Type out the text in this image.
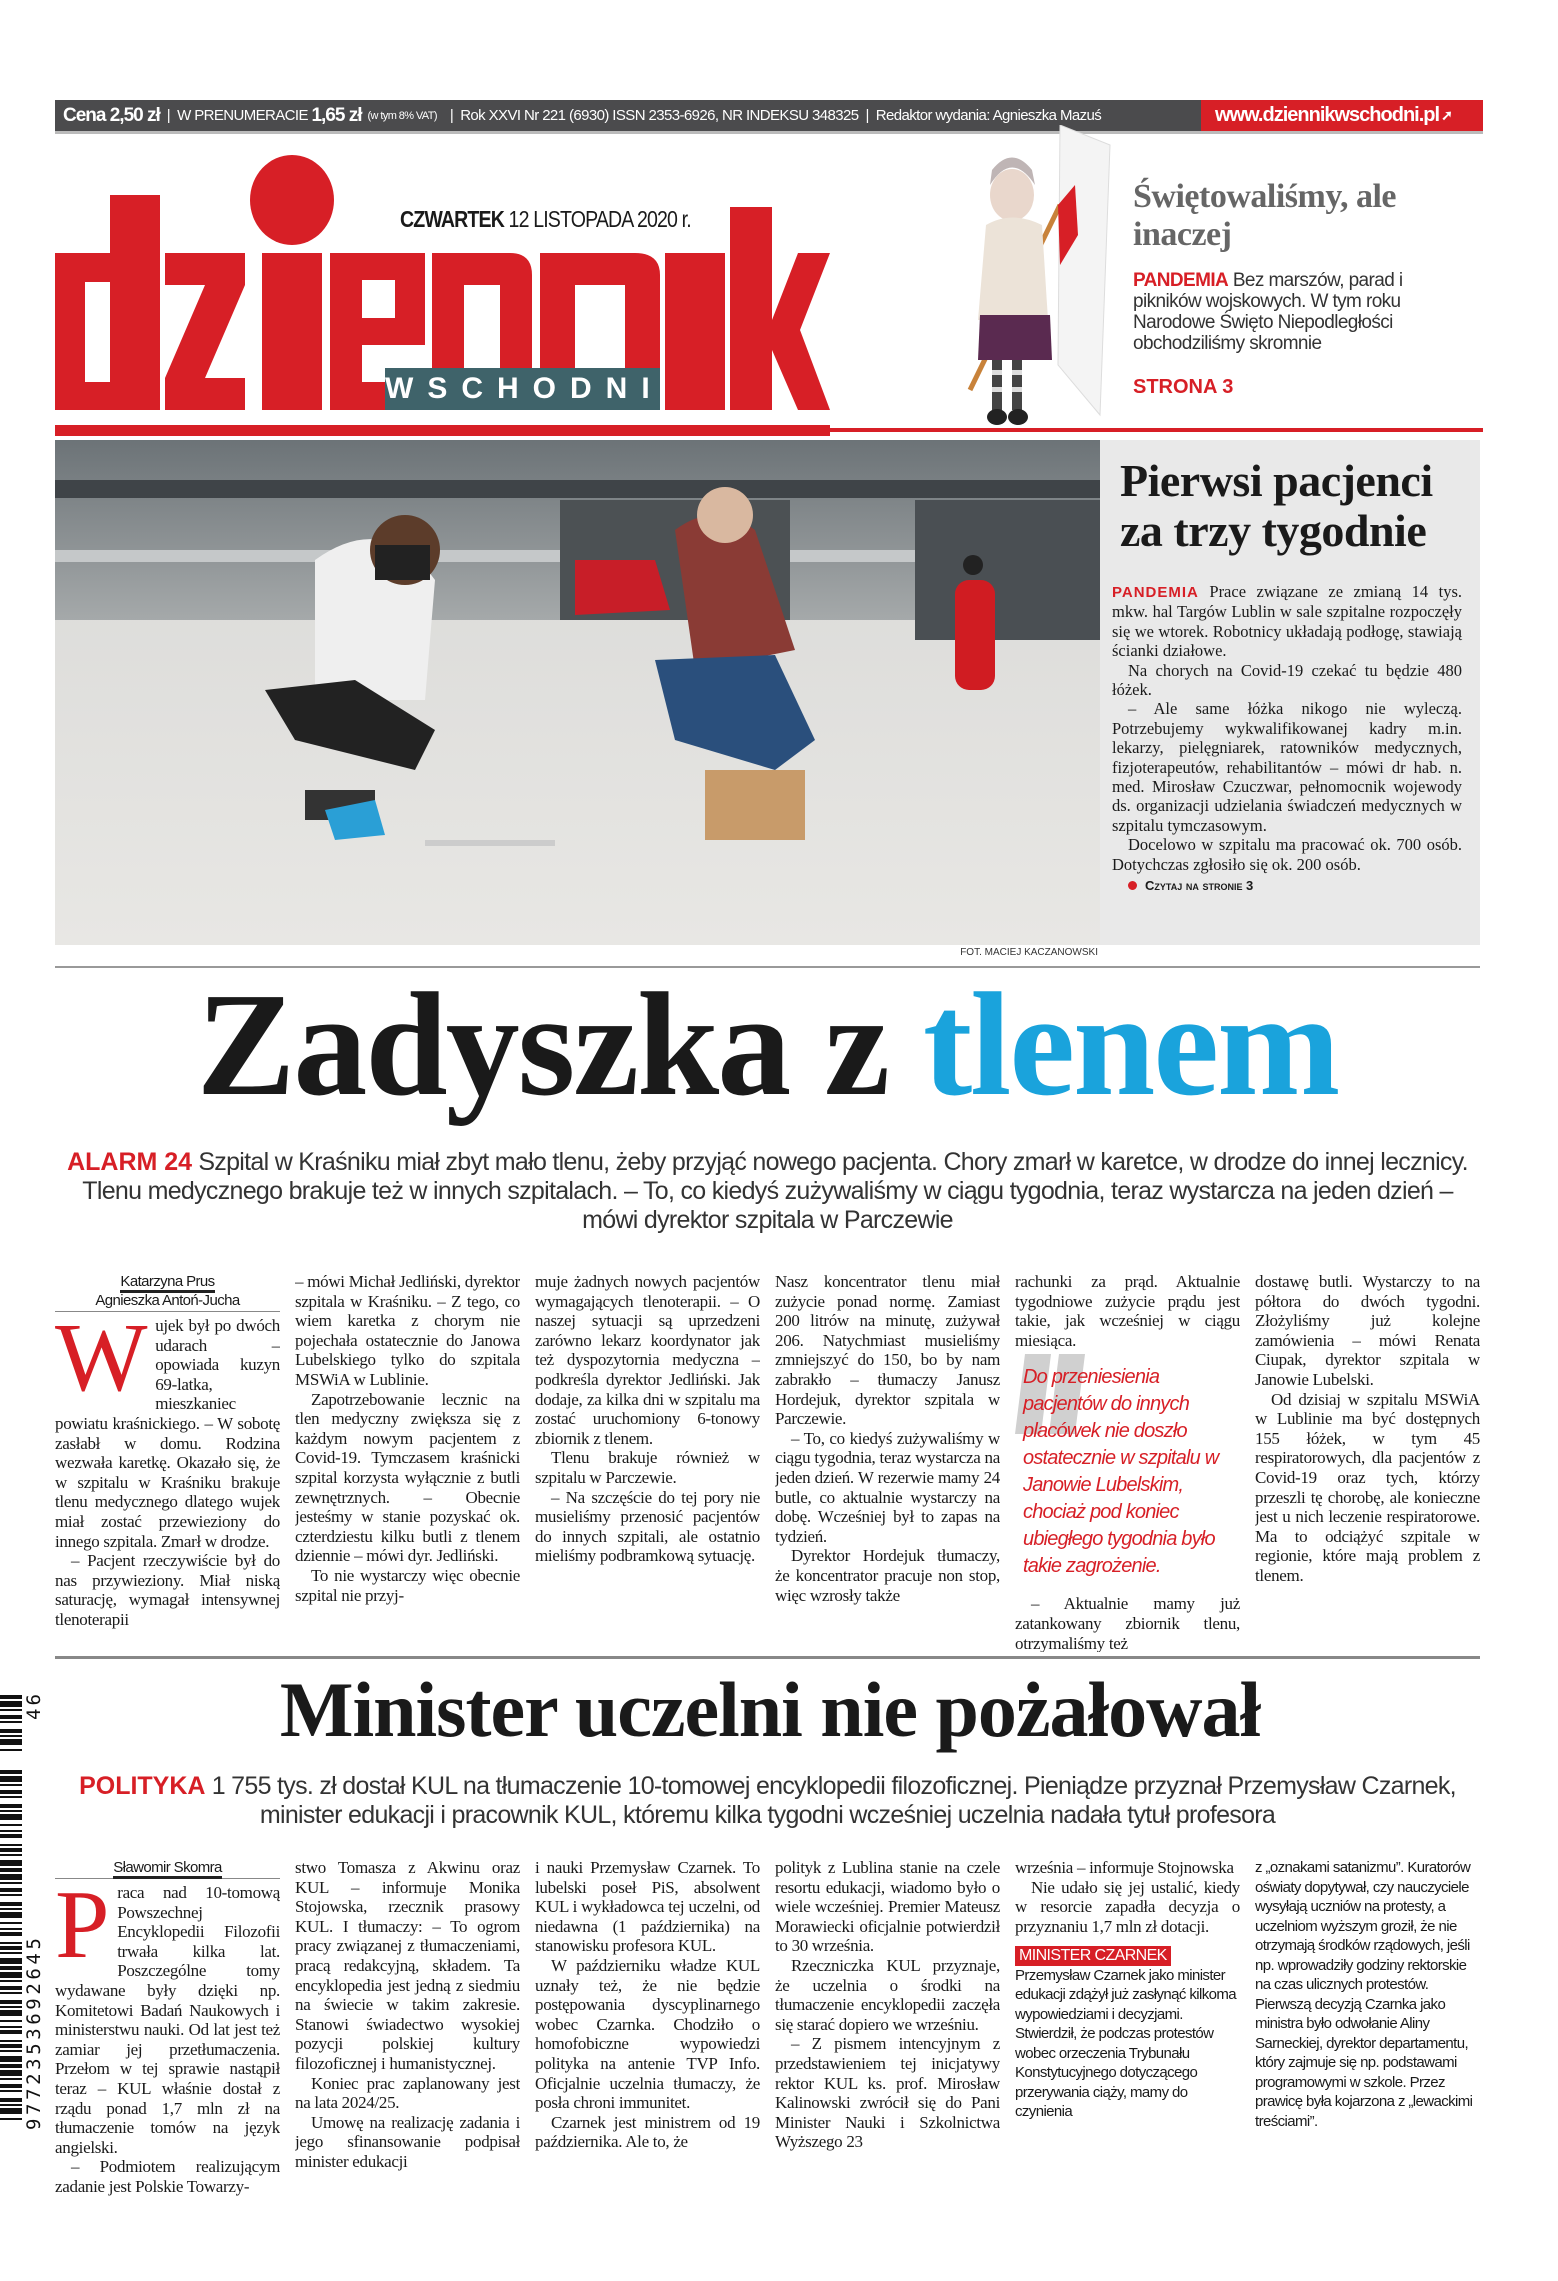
Cena 2,50 zł | W PRENUMERACIE
1,65 zł (w tym 8% VAT) | Rok XXVI Nr 221 (6930) ISSN 2353-6926, NR INDEKSU 348325 | Redaktor wydania: Agnieszka Mazuś	www.dziennikwschodni.pl ➚
WSCHODNI
CZWARTEK 12 LISTOPADA 2020 r.
Świętowaliśmy, ale inaczej

PANDEMIA Bez marszów, parad i pikników wojskowych. W tym roku Narodowe Święto Niepodległości obchodziliśmy skromnie

STRONA 3
Pierwsi pacjenci za trzy tygodnie

PANDEMIA Prace związane ze zmianą 14 tys. mkw. hal Targów Lublin w sale szpitalne rozpoczęły się we wtorek. Robotnicy układają podłogę, stawiają ścianki działowe.

Na chorych na Covid-19 czekać tu będzie 480 łóżek.

– Ale same łóżka nikogo nie wyleczą. Potrzebujemy wykwalifikowanej kadry m.in. lekarzy, pielęgniarek, ratowników medycznych, fizjoterapeutów, rehabilitantów – mówi dr hab. n. med. Mirosław Czuczwar, pełnomocnik wojewody ds. organizacji udzielania świadczeń medycznych w szpitalu tymczasowym.

Docelowo w szpitalu ma pracować ok. 700 osób. Dotychczas zgłosiło się ok. 200 osób.

Czytaj na stronie 3
FOT. MACIEJ KACZANOWSKI
Zadyszka z tlenem
ALARM 24 Szpital w Kraśniku miał zbyt mało tlenu, żeby przyjąć nowego pacjenta. Chory zmarł w karetce, w drodze do innej lecznicy. Tlenu medycznego brakuje też w innych szpitalach. – To, co kiedyś zużywaliśmy w ciągu tygodnia, teraz wystarcza na jeden dzień – mówi dyrektor szpitala w Parczewie
Katarzyna Prus
Agnieszka Antoń-Jucha

Wujek był po dwóch udarach – opowiada kuzyn 69-latka, mieszkaniec powiatu kraśnickiego. – W sobotę zasłabł w domu. Rodzina wezwała karetkę. Okazało się, że w szpitalu w Kraśniku brakuje tlenu medycznego dlatego wujek miał zostać przewieziony do innego szpitala. Zmarł w drodze.

– Pacjent rzeczywiście był do nas przywieziony. Miał niską saturację, wymagał intensywnej tlenoterapii

– mówi Michał Jedliński, dyrektor szpitala w Kraśniku. – Z tego, co wiem karetka z chorym nie pojechała ostatecznie do Janowa Lubelskiego tylko do szpitala MSWiA w Lublinie.

Zapotrzebowanie lecznic na tlen medyczny zwiększa się z każdym nowym pacjentem z Covid-19. Tymczasem kraśnicki szpital korzysta wyłącznie z butli zewnętrznych. – Obecnie jesteśmy w stanie pozyskać ok. czterdziestu kilku butli z tlenem dziennie – mówi dyr. Jedliński.

To nie wystarczy więc obecnie szpital nie przyj-

muje żadnych nowych pacjentów wymagających tlenoterapii. – O naszej sytuacji są uprzedzeni zarówno lekarz koordynator jak też dyspozytornia medyczna – podkreśla dyrektor Jedliński. Jak dodaje, za kilka dni w szpitalu ma zostać uruchomiony 6-tonowy zbiornik z tlenem.

Tlenu brakuje również w szpitalu w Parczewie.

– Na szczęście do tej pory nie musieliśmy przenosić pacjentów do innych szpitali, ale ostatnio mieliśmy podbramkową sytuację.

Nasz koncentrator tlenu miał zużycie ponad normę. Zamiast 200 litrów na minutę, zużywał 206. Natychmiast musieliśmy zmniejszyć do 150, bo by nam zabrakło – tłumaczy Janusz Hordejuk, dyrektor szpitala w Parczewie.

– To, co kiedyś zużywaliśmy w ciągu tygodnia, teraz wystarcza na jeden dzień. W rezerwie mamy 24 butle, co aktualnie wystarczy na dobę. Wcześniej był to zapas na tydzień.

Dyrektor Hordejuk tłumaczy, że koncentrator pracuje non stop, więc wzrosły także

rachunki za prąd. Aktualnie tygodniowe zużycie prądu jest takie, jak wcześniej w ciągu miesiąca.

Do przeniesienia pacjentów do innych placówek nie doszło ostatecznie w szpitalu w Janowie Lubelskim, chociaż pod koniec ubiegłego tygodnia było takie zagrożenie.

– Aktualnie mamy już zatankowany zbiornik tlenu, otrzymaliśmy też

dostawę butli. Wystarczy to na półtora do dwóch tygodni. Złożyliśmy już kolejne zamówienia – mówi Renata Ciupak, dyrektor szpitala w Janowie Lubelski.

Od dzisiaj w szpitalu MSWiA w Lublinie ma być dostępnych 155 łóżek, w tym 45 respiratorowych, dla pacjentów z Covid-19 oraz tych, którzy przeszli tę chorobę, ale konieczne jest u nich leczenie respiratorowe. Ma to odciążyć szpitale w regionie, które mają problem z tlenem.

Minister uczelni nie pożałował
POLITYKA 1 755 tys. zł dostał KUL na tłumaczenie 10-tomowej encyklopedii filozoficznej. Pieniądze przyznał Przemysław Czarnek, minister edukacji i pracownik KUL, któremu kilka tygodni wcześniej uczelnia nadała tytuł profesora
Sławomir Skomra

Praca nad 10-tomową Powszechnej Encyklopedii Filozofii trwała kilka lat. Poszczególne tomy wydawane były dzięki np. Komitetowi Badań Naukowych i ministerstwu nauki. Od lat jest też zamiar jej przetłumaczenia. Przełom w tej sprawie nastąpił teraz – KUL właśnie dostał z rządu ponad 1,7 mln zł na tłumaczenie tomów na język angielski.

– Podmiotem realizującym zadanie jest Polskie Towarzy-

stwo Tomasza z Akwinu oraz KUL – informuje Monika Stojowska, rzecznik prasowy KUL. I tłumaczy: – To ogrom pracy związanej z tłumaczeniami, pracą redakcyjną, składem. Ta encyklopedia jest jedną z siedmiu na świecie w takim zakresie. Stanowi świadectwo wysokiej pozycji polskiej kultury filozoficznej i humanistycznej.

Koniec prac zaplanowany jest na lata 2024/25.

Umowę na realizację zadania i jego sfinansowanie podpisał minister edukacji

i nauki Przemysław Czarnek. To lubelski poseł PiS, absolwent KUL i wykładowca tej uczelni, od niedawna (1 października) na stanowisku profesora KUL.

W październiku władze KUL uznały też, że nie będzie postępowania dyscyplinarnego wobec Czarnka. Chodziło o homofobiczne wypowiedzi polityka na antenie TVP Info. Oficjalnie uczelnia tłumaczy, że posła chroni immunitet.

Czarnek jest ministrem od 19 października. Ale to, że

polityk z Lublina stanie na czele resortu edukacji, wiadomo było o wiele wcześniej. Premier Mateusz Morawiecki oficjalnie potwierdził to 30 września.

Rzeczniczka KUL przyznaje, że uczelnia o środki na tłumaczenie encyklopedii zaczęła się starać dopiero we wrześniu.

– Z pismem intencyjnym z przedstawieniem tej inicjatywy rektor KUL ks. prof. Mirosław Kalinowski zwrócił się do Pani Minister Nauki i Szkolnictwa Wyższego 23

września – informuje Stojnowska

Nie udało się jej ustalić, kiedy w resorcie zapadła decyzja o przyznaniu 1,7 mln zł dotacji.

MINISTER CZARNEK
Przemysław Czarnek jako minister edukacji zdążył już zasłynąć kilkoma wypowiedziami i decyzjami. Stwierdził, że podczas protestów wobec orzeczenia Trybunału Konstytucyjnego dotyczącego przerywania ciąży, mamy do czynienia
z „oznakami satanizmu”. Kuratorów oświaty dopytywał, czy nauczyciele wysyłają uczniów na protesty, a uczelniom wyższym groził, że nie otrzymają środków rządowych, jeśli np. wprowadziły godziny rektorskie na czas ulicznych protestów. Pierwszą decyzją Czarnka jako ministra było odwołanie Aliny Sarneckiej, dyrektor departamentu, który zajmuje się np. podstawami programowymi w szkole. Przez prawicę była kojarzona z „lewackimi treściami”.
9772353692645
46
